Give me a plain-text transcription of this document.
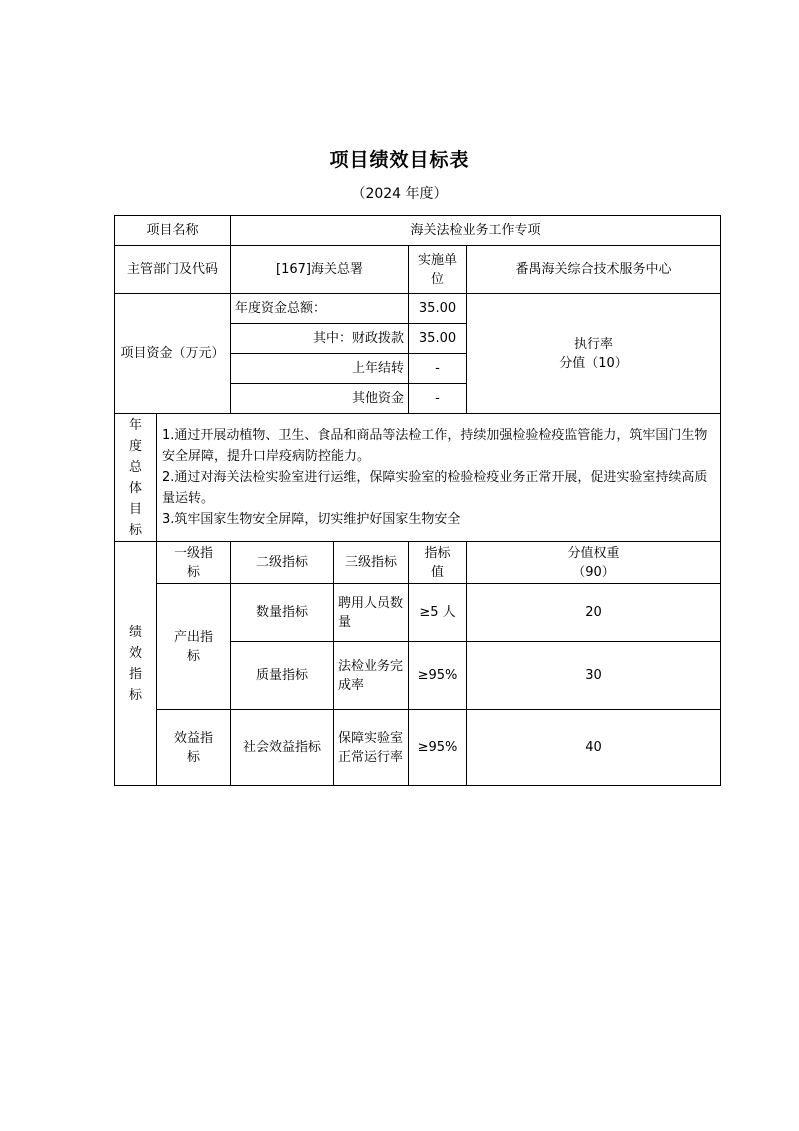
项目绩效目标表
（2024 年度）
项目名称		海关法检业务工作专项			
主管部门及代码		[167]海关总署		实施单位	番禺海关综合技术服务中心
项目资金（万元）		年度资金总额：		35.00	执行率
分值（10）

		其中：财政拨款		35.00	
		上年结转		-	
		其他资金		-	

年度总体目标	1.通过开展动植物、卫生、食品和商品等法检工作，持续加强检验检疫监管能力，筑牢国门生物安全屏障，提升口岸疫病防控能力。
2.通过对海关法检实验室进行运维，保障实验室的检验检疫业务正常开展，促进实验室持续高质量运转。
3.筑牢国家生物安全屏障，切实维护好国家生物安全				

绩效指标	一级指标	二级指标	三级指标	指标值	分值权重（90）

	产出指标	数量指标	聘用人员数量	≥5 人	20
		质量指标	法检业务完成率	≥95%	30
	效益指标	社会效益指标	保障实验室正常运行率	≥95%	40
